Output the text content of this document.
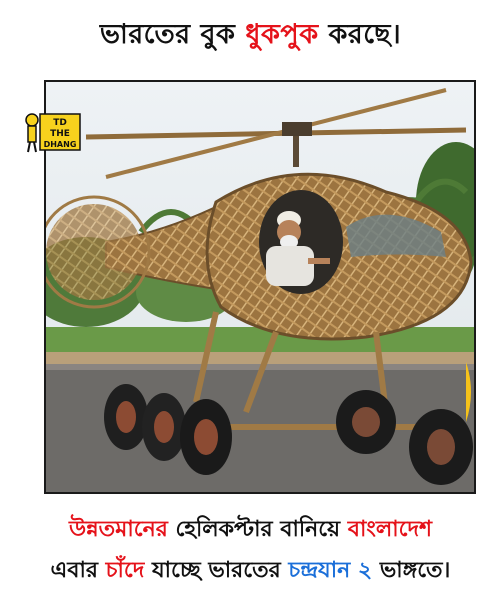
ভারতের বুক ধুকপুক করছে।
TD
THE
DHANG
উন্নতমানের হেলিকপ্টার বানিয়ে বাংলাদেশ
এবার চাঁদে যাচ্ছে ভারতের চন্দ্রযান ২ ভাঙ্গতে।
